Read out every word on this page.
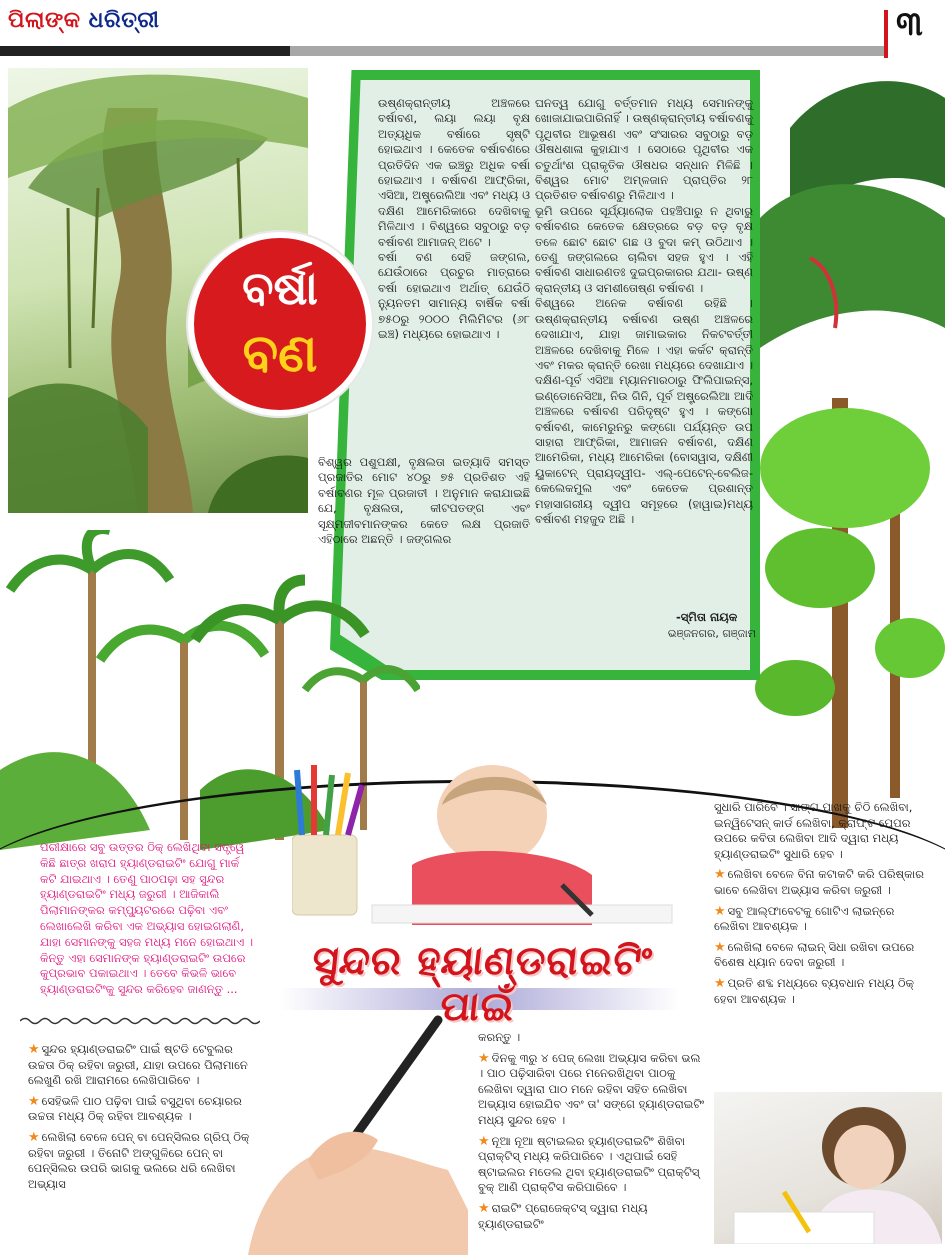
ପିଲାଙ୍କ ଧରିତ୍ରୀ	୩
ବର୍ଷା
ବଣ

ଉଷ୍ଣକ୍ରାନ୍ତୀୟ ଅଞ୍ଚଳରେ ବର୍ଷାବଣ, ଲୟା ଲୟା ବୃକ୍ଷ ଅତ୍ୟଧିକ ବର୍ଷାରେ ସୃଷ୍ଟି ହୋଇଥାଏ । କେତେକ ବର୍ଷାବଣରେ ପ୍ରତିଦିନ ଏକ ଇଞ୍ଚରୁ ଅଧିକ ବର୍ଷା ହୋଇଥାଏ । ବର୍ଷାବଣ ଆଫ୍ରିକା, ଏସିଆ, ଅଷ୍ଟ୍ରେଲିଆ ଏବଂ ମଧ୍ୟ ଓ ଦକ୍ଷିଣ ଆମେରିକାରେ ଦେଖିବାକୁ ମିଳିଥାଏ । ବିଶ୍ୱରେ ସବୁଠାରୁ ବଡ଼ ବର୍ଷାବଣ ଆମାଜନ୍ ଅଟେ ।

ବର୍ଷା ବଣ ସେହି ଜଙ୍ଗଲ, ଯେଉଁଠାରେ ପ୍ରଚୁର ମାତ୍ରାରେ ବର୍ଷା ହୋଇଥାଏ ଅର୍ଥାତ୍ ଯେଉଁଠି ନ୍ୟୁନତମ ସାମାନ୍ୟ ବାର୍ଷିକ ବର୍ଷା ୭୫୦ରୁ ୨୦୦୦ ମିଲିମିଟର (୬୮ ଇଞ୍ଚ) ମଧ୍ୟରେ ହୋଇଥାଏ ।

ବିଶ୍ୱର ପଶୁପକ୍ଷୀ, ବୃକ୍ଷଲତା ଇତ୍ୟାଦି ସମସ୍ତ ପ୍ରଜାତିର ମୋଟ ୪୦ରୁ ୭୫ ପ୍ରତିଶତ ଏହି ବର୍ଷାବଣର ମୂଳ ପ୍ରଜାତୀ । ଅନୁମାନ କରାଯାଇଛି ଯେ, ବୃକ୍ଷଲତା, କୀଟପତଙ୍ଗ ଏବଂ ସୂକ୍ଷ୍ମଜୀବମାନଙ୍କର କେତେ ଲକ୍ଷ ପ୍ରଜାତି ଏହିଠାରେ ଅଛନ୍ତି । ଜଙ୍ଗଲର

ଘନତ୍ୱ ଯୋଗୁ ବର୍ତ୍ତମାନ ମଧ୍ୟ ସେମାନଙ୍କୁ ଖୋଜାଯାଇପାରିନାହିଁ । ଉଷ୍ଣକ୍ରାନ୍ତୀୟ ବର୍ଷାବଣକୁ ପୃଥିବୀର ଆଭୂଷଣ ଏବଂ ସଂସାରର ସବୁଠାରୁ ବଡ଼ ଔଷଧଶାଳା କୁହାଯାଏ । ସେଠାରେ ପୃଥିବୀର ଏକ ଚତୁର୍ଥାଂଶ ପ୍ରାକୃତିକ ଔଷଧର ସନ୍ଧାନ ମିଳିଛି । ବିଶ୍ୱର ମୋଟ ଅମ୍ଳଜାନ ପ୍ରାପ୍ତିର ୨୮ ପ୍ରତିଶତ ବର୍ଷାବଣରୁ ମିଳିଥାଏ ।

ଭୂମି ଉପରେ ସୂର୍ଯ୍ୟାଲୋକ ପହଞ୍ଚିପାରୁ ନ ଥିବାରୁ ବର୍ଷାବଣର କେତେକ କ୍ଷେତ୍ରରେ ବଡ଼ ବଡ଼ ବୃକ୍ଷ ତଳେ ଛୋଟ ଛୋଟ ଗଛ ଓ ବୁଦା କମ୍ ଉଠିଥାଏ । ତେଣୁ ଜଙ୍ଗଲରେ ଚାଲିବା ସହଜ ହୁଏ । ଏହି ବର୍ଷାବଣ ସାଧାରଣତଃ ଦୁଇପ୍ରକାରର ଯଥା- ଉଷ୍ଣ କ୍ରାନ୍ତୀୟ ଓ ସମଶୀତୋଷ୍ଣ ବର୍ଷାବଣ ।

ବିଶ୍ୱରେ ଅନେକ ବର୍ଷାବଣ ରହିଛି । ଉଷ୍ଣକ୍ରାନ୍ତୀୟ ବର୍ଷାବଣ ଉଷ୍ଣ ଅଞ୍ଚଳରେ ଦେଖାଯାଏ, ଯାହା ଜାମାଇକାର ନିକଟବର୍ତ୍ତୀ ଅଞ୍ଚଳରେ ଦେଖିବାକୁ ମିଳେ । ଏହା କର୍କଟ କ୍ରାନ୍ତି ଏବଂ ମକର କ୍ରାନ୍ତି ରେଖା ମଧ୍ୟରେ ଦେଖାଯାଏ । ଦକ୍ଷିଣ-ପୂର୍ବ ଏସିଆ ମ୍ୟାନମାରଠାରୁ ଫିଲିପାଇନ୍ସ, ଇଣ୍ଡୋନେସିଆ, ନିଉ ଗିନି, ପୂର୍ବ ଅଷ୍ଟ୍ରେଲିଆ ଆଦି ଅଞ୍ଚଳରେ ବର୍ଷାବଣ ପରିଦୃଷ୍ଟ ହୁଏ । କଙ୍ଗୋ ବର୍ଷାବଣ, କାମେରୁନରୁ କଙ୍ଗୋ ପର୍ଯ୍ୟନ୍ତ ଉପ ସାହାରା ଆଫ୍ରିକା, ଆମାଜନ ବର୍ଷାବଣ, ଦକ୍ଷିଣ ଆମେରିକା, ମଧ୍ୟ ଆମେରିକା (ବୋସୱାସ, ଦକ୍ଷିଣୀ ୟୁକାଟେନ୍ ପ୍ରାୟଦ୍ୱୀପ- ଏଲ୍-ପେଟେନ୍-ବେଲିଜ-କେଲେକମୁଲ ଏବଂ କେତେକ ପ୍ରଶାନ୍ତ ମହାସାଗରୀୟ ଦ୍ୱୀପ ସମୂହରେ (ହାୱାଇ)ମଧ୍ୟ ବର୍ଷାବଣ ମହଜୁଦ ଅଛି ।

-ସ୍ମିତା ନାୟକ
ଭଞ୍ଜନଗର, ଗଞ୍ଜାମ
ପରୀକ୍ଷାରେ ସବୁ ଉତ୍ତର ଠିକ୍ ଲେଖିଥିବା ସତ୍ତ୍ୱେ କିଛି ଛାତ୍ର ଖରାପ ହ୍ୟାଣ୍ଡରାଇଟିଂ ଯୋଗୁ ମାର୍କ କଟି ଯାଇଥାଏ । ତେଣୁ ପାଠପଢ଼ା ସହ ସୁନ୍ଦର ହ୍ୟାଣ୍ଡରାଇଟିଂ ମଧ୍ୟ ଜରୁରୀ । ଆଜିକାଲି ପିଲାମାନଙ୍କର କମ୍ପ୍ୟୁଟରରେ ପଢ଼ିବା ଏବଂ ଲେଖାଲେଖି କରିବା ଏକ ଅଭ୍ୟାସ ହୋଇଗଲାଣି, ଯାହା ସେମାନଙ୍କୁ ସହଜ ମଧ୍ୟ ମନେ ହୋଇଥାଏ । କିନ୍ତୁ ଏହା ସେମାନଙ୍କ ହ୍ୟାଣ୍ଡରାଇଟିଂ ଉପରେ କୁପ୍ରଭାବ ପକାଇଥାଏ । ତେବେ କିଭଳି ଭାବେ ହ୍ୟାଣ୍ଡରାଇଟିଂକୁ ସୁନ୍ଦର କରିହେବ ଜାଣନ୍ତୁ ...
ସୁନ୍ଦର ହ୍ୟାଣ୍ଡରାଇଟିଂ ପାଇଁ

★ ସୁନ୍ଦର ହ୍ୟାଣ୍ଡରାଇଟିଂ ପାଇଁ ଷ୍ଟଡି ଟେବୁଲର ଉଚ୍ଚତା ଠିକ୍ ରହିବା ଜରୁରୀ, ଯାହା ଉପରେ ପିଲାମାନେ ଲେଖୁଣି ରଖି ଆରାମରେ ଲେଖିପାରିବେ ।

★ ସେହିଭଳି ପାଠ ପଢ଼ିବା ପାଇଁ ବସୁଥିବା ଚେୟାରର ଉଚ୍ଚତା ମଧ୍ୟ ଠିକ୍ ରହିବା ଆବଶ୍ୟକ ।

★ ଲେଖିଲା ବେଳେ ପେନ୍ ବା ପେନ୍ସିଲର ଗ୍ରିପ୍ ଠିକ୍ ରହିବା ଜରୁରୀ । ତିନୋଟି ଅଙ୍ଗୁଳିରେ ପେନ୍ ବା ପେନ୍ସିଲର ଉପରି ଭାଗକୁ ଭଲରେ ଧରି ଲେଖିବା ଅଭ୍ୟାସ

କରନ୍ତୁ ।

★ ଦିନକୁ ୩ରୁ ୪ ପେଜ୍ ଲେଖା ଅଭ୍ୟାସ କରିବା ଭଲ । ପାଠ ପଢ଼ିସାରିବା ପରେ ମନେରଖିଥିବା ପାଠକୁ ଲେଖିବା ଦ୍ୱାରା ପାଠ ମନେ ରହିବା ସହିତ ଲେଖିବା ଅଭ୍ୟାସ ହୋଇଯିବ ଏବଂ ତା' ସଙ୍ଗେ ହ୍ୟାଣ୍ଡରାଇଟିଂ ମଧ୍ୟ ସୁନ୍ଦର ହେବ ।

★ ନୂଆ ନୂଆ ଷ୍ଟାଇଲର ହ୍ୟାଣ୍ଡରାଇଟିଂ ଶିଖିବା ପ୍ରାକ୍ଟିସ୍ ମଧ୍ୟ କରିପାରିବେ । ଏଥିପାଇଁ ସେହି ଷ୍ଟାଇଲର ମଡେଲ ଥିବା ହ୍ୟାଣ୍ଡରାଇଟିଂ ପ୍ରାକ୍ଟିସ୍ ବୁକ୍ ଆଣି ପ୍ରାକ୍ଟିସ କରିପାରିବେ ।

★ ରାଇଟିଂ ପ୍ରୋଜେକ୍ଟସ୍ ଦ୍ୱାରା ମଧ୍ୟ ହ୍ୟାଣ୍ଡରାଇଟିଂ

ସୁଧାରି ପାରିବେ । ସାଙ୍ଗ ପାଖକୁ ଚିଠି ଲେଖିବା, ଇନ୍ୱିଟେସନ୍ କାର୍ଡ ଲେଖିବା, କ୍ରାଫ୍ଟ ପେପର ଉପରେ କବିତା ଲେଖିବା ଆଦି ଦ୍ୱାରା ମଧ୍ୟ ହ୍ୟାଣ୍ଡରାଇଟିଂ ସୁଧାରି ହେବ ।

★ ଲେଖିବା ବେଳେ ବିନା କଟାକଟି କରି ପରିଷ୍କାର ଭାବେ ଲେଖିବା ଅଭ୍ୟାସ କରିବା ଜରୁରୀ ।

★ ସବୁ ଆଲ୍‌ଫାବେଟକୁ ଗୋଟିଏ ଲାଇନ୍‌ରେ ଲେଖିବା ଆବଶ୍ୟକ ।

★ ଲେଖିଲା ବେଳେ ଲାଇନ୍ ସିଧା ରଖିବା ଉପରେ ବିଶେଷ ଧ୍ୟାନ ଦେବା ଜରୁରୀ ।

★ ପ୍ରତି ଶବ୍ଦ ମଧ୍ୟରେ ବ୍ୟବଧାନ ମଧ୍ୟ ଠିକ୍ ହେବା ଆବଶ୍ୟକ ।
